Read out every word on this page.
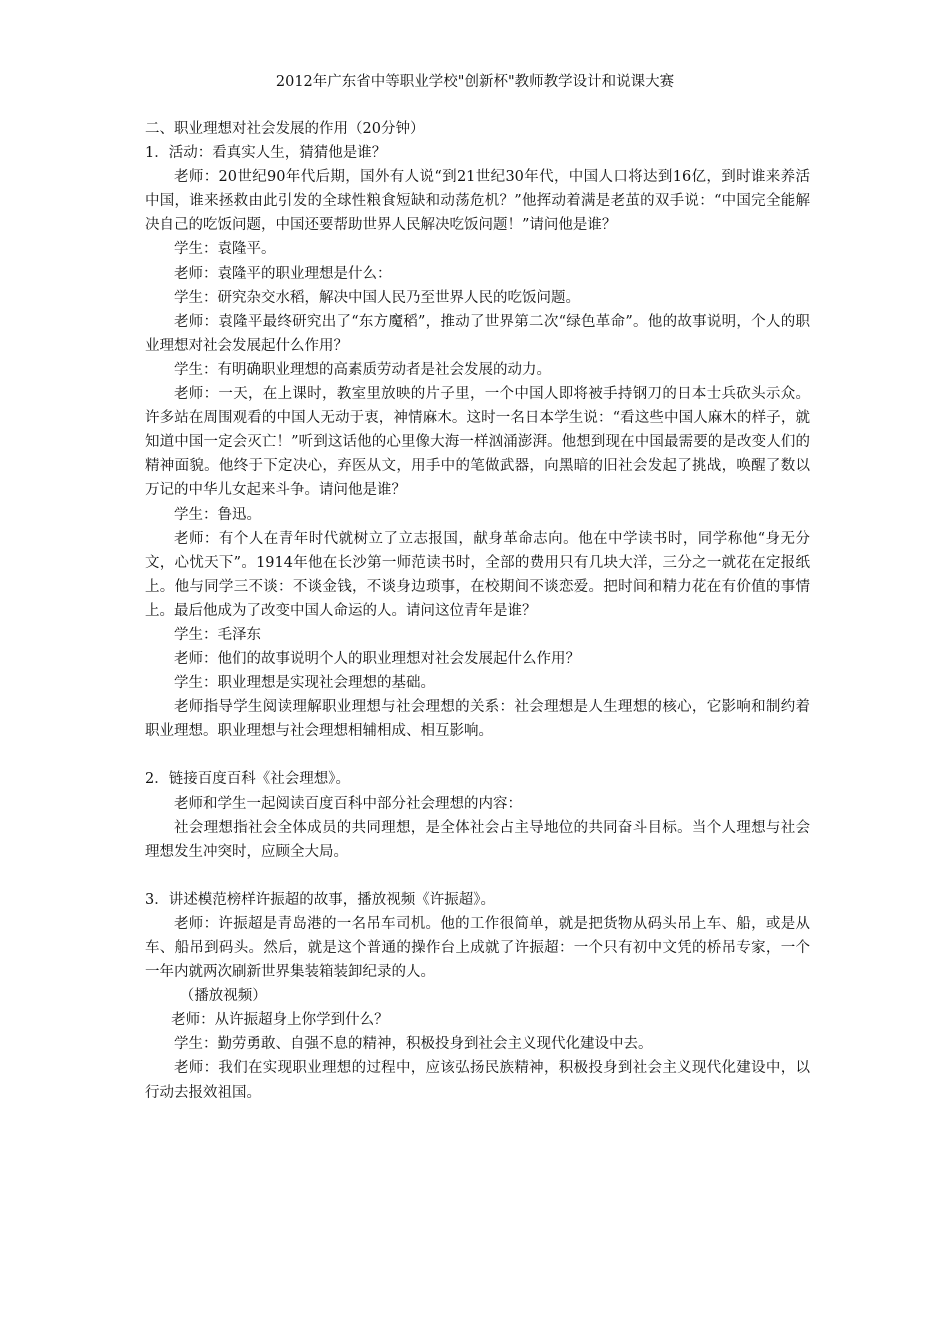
2012年广东省中等职业学校"创新杯"教师教学设计和说课大赛

二、职业理想对社会发展的作用（20分钟）

1．活动：看真实人生，猜猜他是谁？

老师：20世纪90年代后期，国外有人说“到21世纪30年代，中国人口将达到16亿，到时谁来养活中国，谁来拯救由此引发的全球性粮食短缺和动荡危机？”他挥动着满是老茧的双手说：“中国完全能解决自己的吃饭问题，中国还要帮助世界人民解决吃饭问题！”请问他是谁？

学生：袁隆平。

老师：袁隆平的职业理想是什么：

学生：研究杂交水稻，解决中国人民乃至世界人民的吃饭问题。

老师：袁隆平最终研究出了“东方魔稻”，推动了世界第二次“绿色革命”。他的故事说明，个人的职业理想对社会发展起什么作用？

学生：有明确职业理想的高素质劳动者是社会发展的动力。

老师：一天，在上课时，教室里放映的片子里，一个中国人即将被手持钢刀的日本士兵砍头示众。许多站在周围观看的中国人无动于衷，神情麻木。这时一名日本学生说：“看这些中国人麻木的样子，就知道中国一定会灭亡！”听到这话他的心里像大海一样汹涌澎湃。他想到现在中国最需要的是改变人们的精神面貌。他终于下定决心，弃医从文，用手中的笔做武器，向黑暗的旧社会发起了挑战，唤醒了数以万记的中华儿女起来斗争。请问他是谁？

学生：鲁迅。

老师：有个人在青年时代就树立了立志报国，献身革命志向。他在中学读书时，同学称他“身无分文，心忧天下”。1914年他在长沙第一师范读书时，全部的费用只有几块大洋，三分之一就花在定报纸上。他与同学三不谈：不谈金钱，不谈身边琐事，在校期间不谈恋爱。把时间和精力花在有价值的事情上。最后他成为了改变中国人命运的人。请问这位青年是谁？

学生：毛泽东

老师：他们的故事说明个人的职业理想对社会发展起什么作用？

学生：职业理想是实现社会理想的基础。

老师指导学生阅读理解职业理想与社会理想的关系：社会理想是人生理想的核心，它影响和制约着职业理想。职业理想与社会理想相辅相成、相互影响。

2．链接百度百科《社会理想》。

老师和学生一起阅读百度百科中部分社会理想的内容：

社会理想指社会全体成员的共同理想，是全体社会占主导地位的共同奋斗目标。当个人理想与社会理想发生冲突时，应顾全大局。

3．讲述模范榜样许振超的故事，播放视频《许振超》。

老师：许振超是青岛港的一名吊车司机。他的工作很简单，就是把货物从码头吊上车、船，或是从车、船吊到码头。然后，就是这个普通的操作台上成就了许振超：一个只有初中文凭的桥吊专家，一个一年内就两次刷新世界集装箱装卸纪录的人。

（播放视频）

老师：从许振超身上你学到什么？

学生：勤劳勇敢、自强不息的精神，积极投身到社会主义现代化建设中去。

老师：我们在实现职业理想的过程中，应该弘扬民族精神，积极投身到社会主义现代化建设中，以行动去报效祖国。
